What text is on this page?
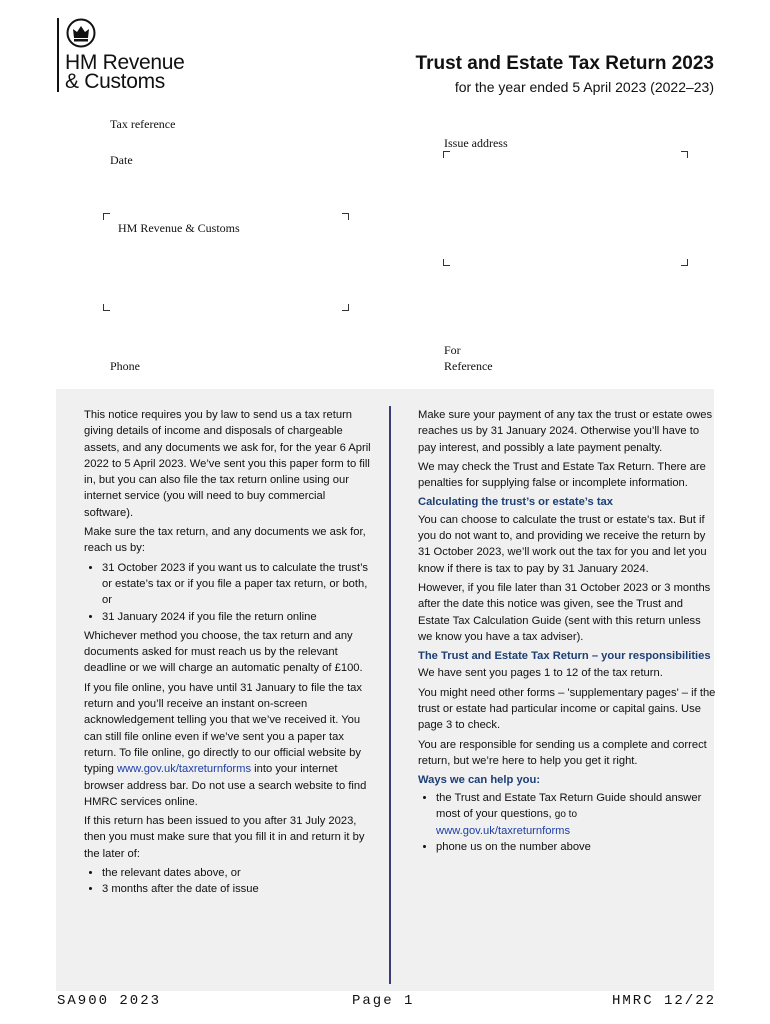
HM Revenue
& Customs
Trust and Estate Tax Return 2023
for the year ended 5 April 2023 (2022–23)
Tax reference
Date
HM Revenue & Customs
Phone
Issue address
For Reference

This notice requires you by law to send us a tax return giving details of income and disposals of chargeable assets, and any documents we ask for, for the year 6 April 2022 to 5 April 2023. We’ve sent you this paper form to fill in, but you can also file the tax return online using our internet service (you will need to buy commercial software).

Make sure the tax return, and any documents we ask for, reach us by:

• 31 October 2023 if you want us to calculate the trust’s or estate’s tax or if you file a paper tax return, or both, or
• 31 January 2024 if you file the return online

Whichever method you choose, the tax return and any documents asked for must reach us by the relevant deadline or we will charge an automatic penalty of £100.

If you file online, you have until 31 January to file the tax return and you’ll receive an instant on-screen acknowledgement telling you that we’ve received it. You can still file online even if we’ve sent you a paper tax return. To file online, go directly to our official website by typing www.gov.uk/taxreturnforms into your internet browser address bar. Do not use a search website to find HMRC services online.

If this return has been issued to you after 31 July 2023, then you must make sure that you fill it in and return it by the later of:

• the relevant dates above, or
• 3 months after the date of issue

Make sure your payment of any tax the trust or estate owes reaches us by 31 January 2024. Otherwise you’ll have to pay interest, and possibly a late payment penalty.

We may check the Trust and Estate Tax Return. There are penalties for supplying false or incomplete information.

Calculating the trust’s or estate’s tax

You can choose to calculate the trust or estate's tax. But if you do not want to, and providing we receive the return by 31 October 2023, we’ll work out the tax for you and let you know if there is tax to pay by 31 January 2024.

However, if you file later than 31 October 2023 or 3 months after the date this notice was given, see the Trust and Estate Tax Calculation Guide (sent with this return unless we know you have a tax adviser).

The Trust and Estate Tax Return – your responsibilities

We have sent you pages 1 to 12 of the tax return.

You might need other forms – 'supplementary pages' – if the trust or estate had particular income or capital gains. Use page 3 to check.

You are responsible for sending us a complete and correct return, but we’re here to help you get it right.

Ways we can help you:
• the Trust and Estate Tax Return Guide should answer most of your questions, go to
www.gov.uk/taxreturnforms
• phone us on the number above
SA900 2023	Page 1	HMRC 12/22
